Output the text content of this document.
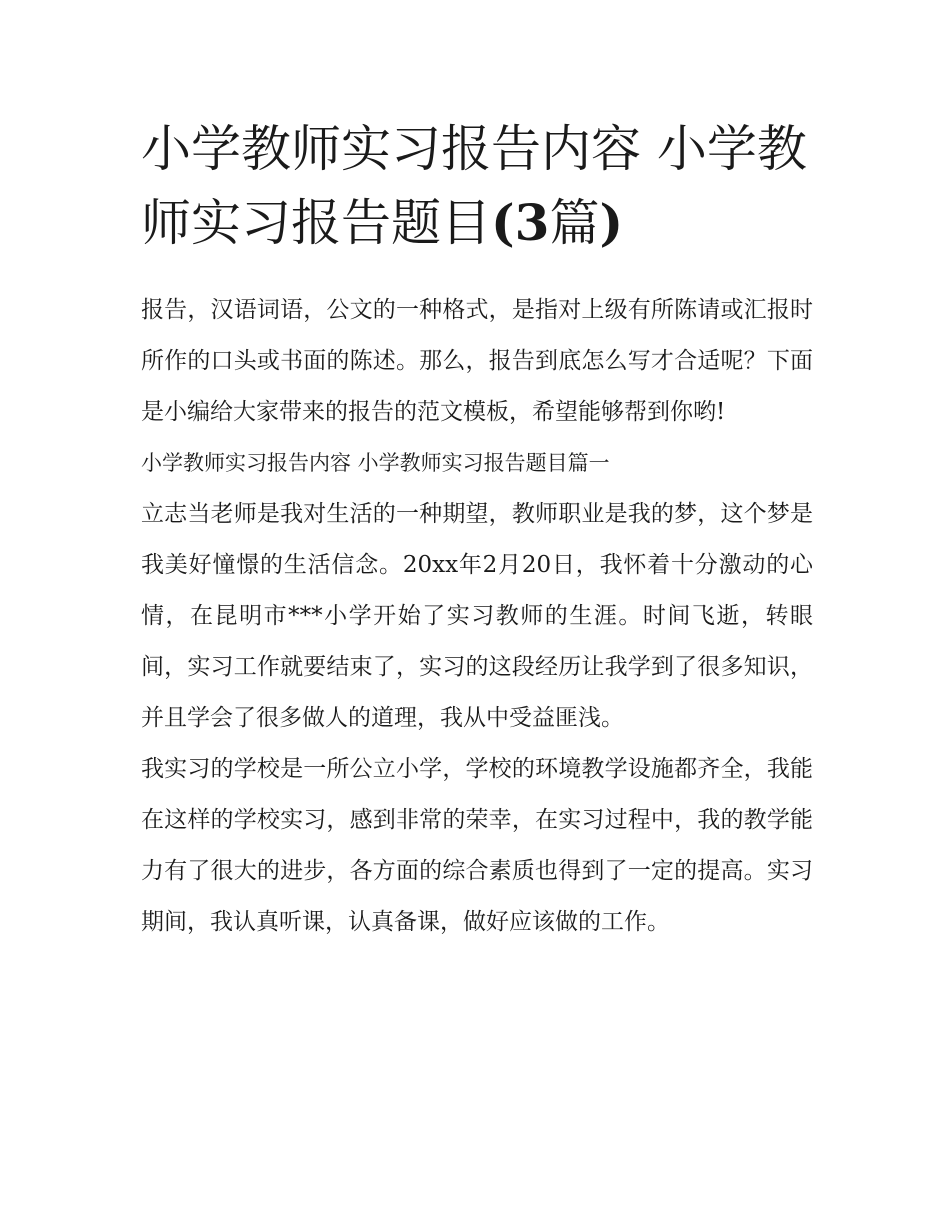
小学教师实习报告内容 小学教师实习报告题目(3篇)

报告，汉语词语，公文的一种格式，是指对上级有所陈请或汇报时所作的口头或书面的陈述。那么，报告到底怎么写才合适呢？下面是小编给大家带来的报告的范文模板，希望能够帮到你哟!

小学教师实习报告内容 小学教师实习报告题目篇一

立志当老师是我对生活的一种期望，教师职业是我的梦，这个梦是我美好憧憬的生活信念。20xx年2月20日，我怀着十分激动的心情，在昆明市***小学开始了实习教师的生涯。时间飞逝，转眼间，实习工作就要结束了，实习的这段经历让我学到了很多知识，并且学会了很多做人的道理，我从中受益匪浅。

我实习的学校是一所公立小学，学校的环境教学设施都齐全，我能在这样的学校实习，感到非常的荣幸，在实习过程中，我的教学能力有了很大的进步，各方面的综合素质也得到了一定的提高。实习期间，我认真听课，认真备课，做好应该做的工作。
